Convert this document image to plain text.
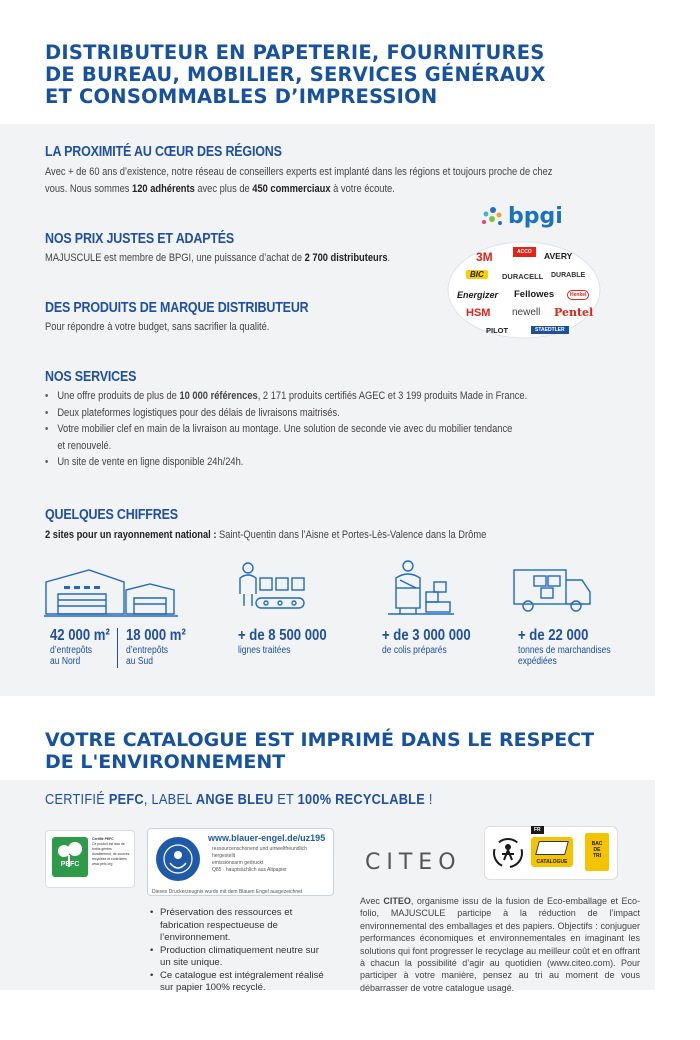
DISTRIBUTEUR EN PAPETERIE, FOURNITURES
DE BUREAU, MOBILIER, SERVICES GÉNÉRAUX
ET CONSOMMABLES D’IMPRESSION
LA PROXIMITÉ AU CŒUR DES RÉGIONS
Avec + de 60 ans d’existence, notre réseau de conseillers experts est implanté dans les régions et toujours proche de chez
vous. Nous sommes 120 adhérents avec plus de 450 commerciaux à votre écoute.
NOS PRIX JUSTES ET ADAPTÉS
MAJUSCULE est membre de BPGI, une puissance d’achat de 2 700 distributeurs.
DES PRODUITS DE MARQUE DISTRIBUTEUR
Pour répondre à votre budget, sans sacrifier la qualité.
bpgi
3M	ACCO	AVERY
BIC	DURACELL DURABLE
Energizer Fellowes	Henkel
HSM newell Pentel
PILOT	STAEDTLER
NOS SERVICES
• Une offre produits de plus de 10 000 références, 2 171 produits certifiés AGEC et 3 199 produits Made in France.
• Deux plateformes logistiques pour des délais de livraisons maitrisés.
• Votre mobilier clef en main de la livraison au montage. Une solution de seconde vie avec du mobilier tendance
et renouvelé.
• Un site de vente en ligne disponible 24h/24h.
QUELQUES CHIFFRES
2 sites pour un rayonnement national : Saint-Quentin dans l’Aisne et Portes-Lès-Valence dans la Drôme
42 000 m²
d’entrepôts au Nord
18 000 m²
d’entrepôts au Sud
+ de 8 500 000
lignes traitées
+ de 3 000 000
de colis préparés
+ de 22 000
tonnes de marchandises expédiées
VOTRE CATALOGUE EST IMPRIMÉ DANS LE RESPECT
DE L'ENVIRONNEMENT
CERTIFIÉ PEFC, LABEL ANGE BLEU ET 100% RECYCLABLE !
PEFC
Certifié PEFC
Ce produit est issu de forêts gérées durablement, de sources recyclées et contrôlées
www.pefc.org
www.blauer-engel.de/uz195
ressourcenschonend und umweltfreundlich hergestellt
emissionsarm gedruckt
Q85 · hauptsächlich aus Altpapier
Dieses Druckerzeugnis wurde mit dem Blauen Engel ausgezeichnet
• Préservation des ressources et fabrication respectueuse de l’environnement.
• Production climatiquement neutre sur un site unique.
• Ce catalogue est intégralement réalisé sur papier 100% recyclé.
CITEO
FR
CATALOGUE
BAC DE TRI
Avec CITEO, organisme issu de la fusion de Eco-emballage et Eco-folio, MAJUSCULE participe à la réduction de l’impact environnemental des emballages et des papiers. Objectifs : conjuguer performances économiques et environnementales en imaginant les solutions qui font progresser le recyclage au meilleur coût et en offrant à chacun la possibilité d’agir au quotidien (www.citeo.com). Pour participer à votre manière, pensez au tri au moment de vous débarrasser de votre catalogue usagé.
